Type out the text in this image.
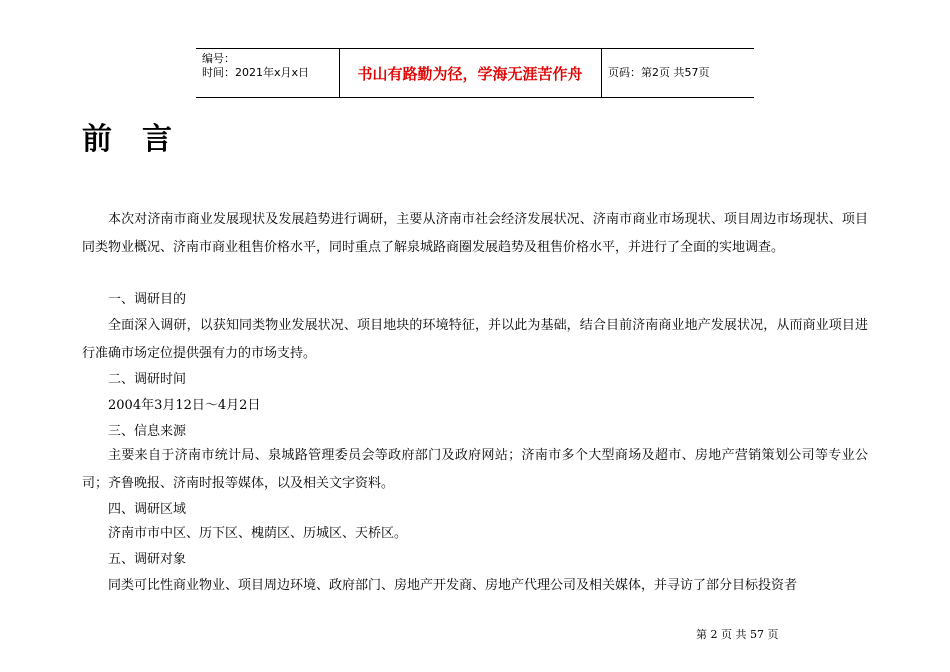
编号：
时间：2021年x月x日	书山有路勤为径，学海无涯苦作舟	页码：第2页 共57页
前言
本次对济南市商业发展现状及发展趋势进行调研，主要从济南市社会经济发展状况、济南市商业市场现状、项目周边市场现状、项目同类物业概况、济南市商业租售价格水平，同时重点了解泉城路商圈发展趋势及租售价格水平，并进行了全面的实地调查。
一、调研目的
全面深入调研，以获知同类物业发展状况、项目地块的环境特征，并以此为基础，结合目前济南商业地产发展状况，从而商业项目进行准确市场定位提供强有力的市场支持。
二、调研时间
2004年3月12日～4月2日
三、信息来源
主要来自于济南市统计局、泉城路管理委员会等政府部门及政府网站；济南市多个大型商场及超市、房地产营销策划公司等专业公司；齐鲁晚报、济南时报等媒体，以及相关文字资料。
四、调研区域
济南市市中区、历下区、槐荫区、历城区、天桥区。
五、调研对象
同类可比性商业物业、项目周边环境、政府部门、房地产开发商、房地产代理公司及相关媒体，并寻访了部分目标投资者
第 2 页 共 57 页
